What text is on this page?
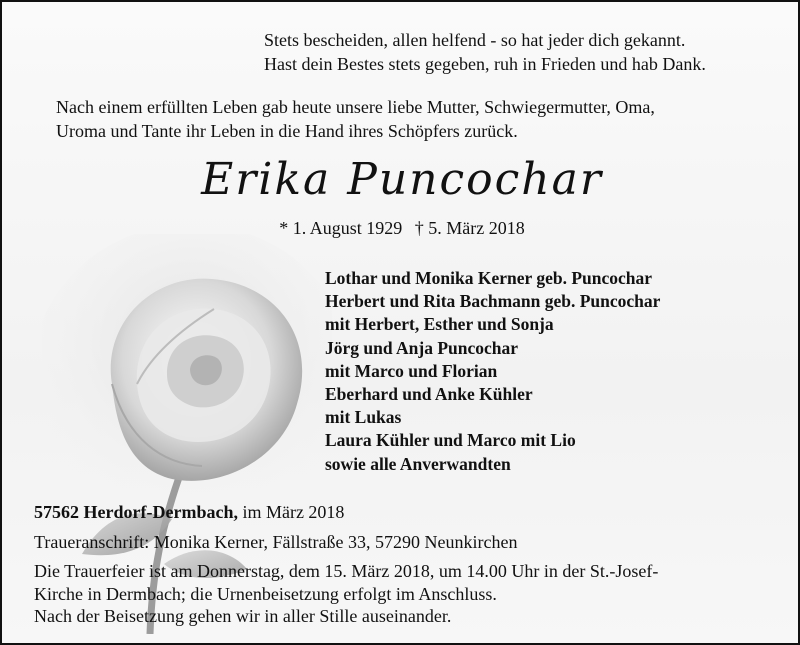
Stets bescheiden, allen helfend - so hat jeder dich gekannt.
Hast dein Bestes stets gegeben, ruh in Frieden und hab Dank.
Nach einem erfüllten Leben gab heute unsere liebe Mutter, Schwiegermutter, Oma,
Uroma und Tante ihr Leben in die Hand ihres Schöpfers zurück.
Erika Puncochar
* 1. August 1929 † 5. März 2018
Lothar und Monika Kerner geb. Puncochar
Herbert und Rita Bachmann geb. Puncochar
mit Herbert, Esther und Sonja
Jörg und Anja Puncochar
mit Marco und Florian
Eberhard und Anke Kühler
mit Lukas
Laura Kühler und Marco mit Lio
sowie alle Anverwandten
57562 Herdorf-Dermbach, im März 2018
Traueranschrift: Monika Kerner, Fällstraße 33, 57290 Neunkirchen
Die Trauerfeier ist am Donnerstag, dem 15. März 2018, um 14.00 Uhr in der St.-Josef-
Kirche in Dermbach; die Urnenbeisetzung erfolgt im Anschluss.
Nach der Beisetzung gehen wir in aller Stille auseinander.
